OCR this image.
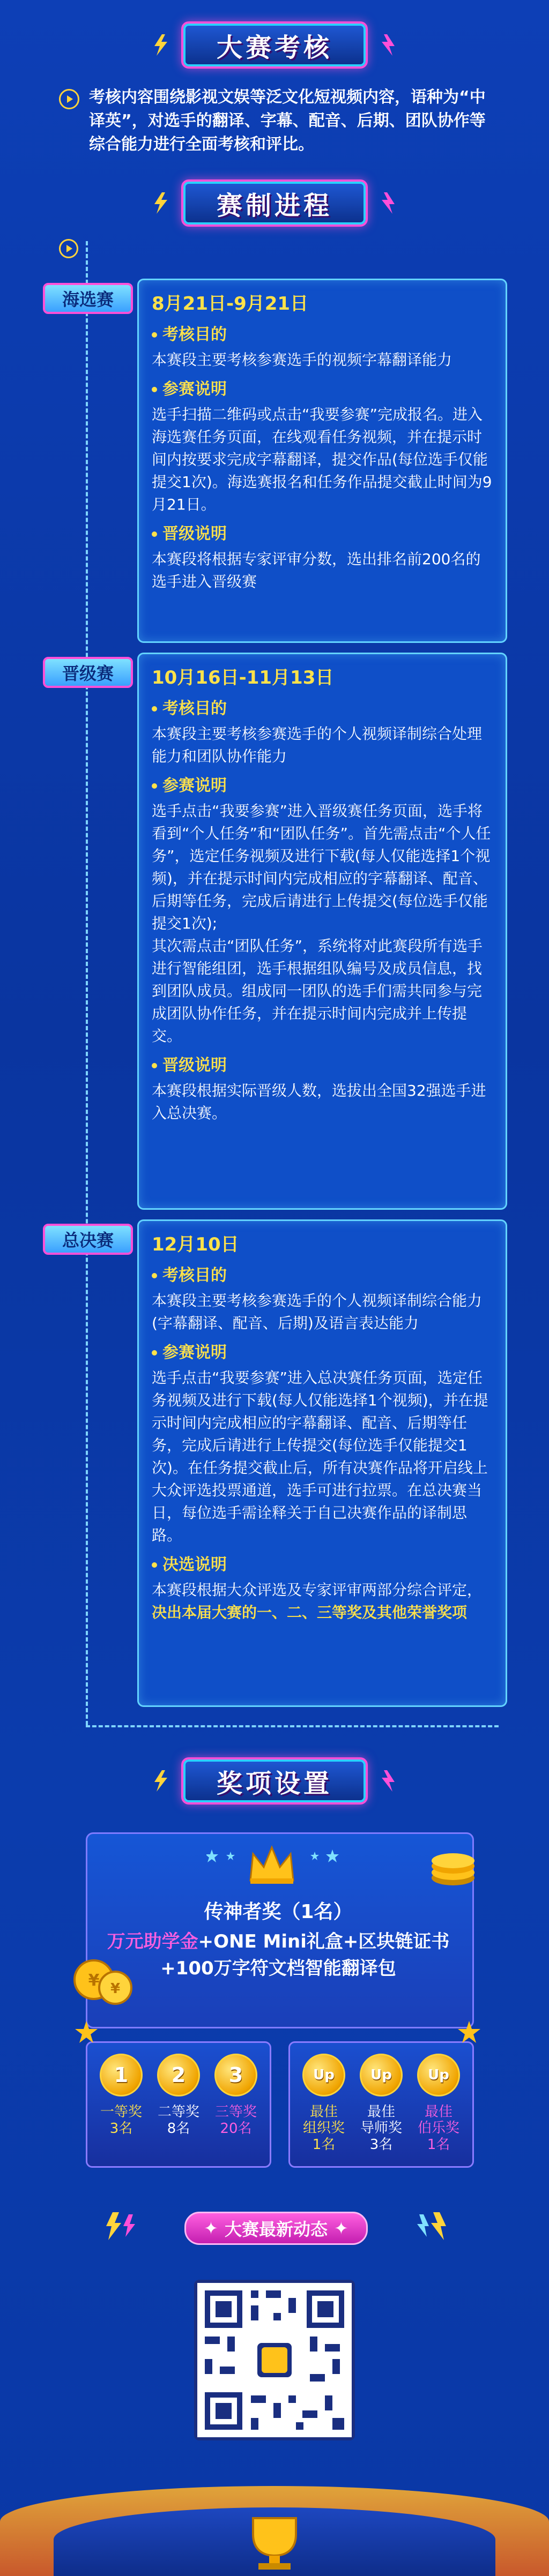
大赛考核
考核内容围绕影视文娱等泛文化短视频内容，语种为“中译英”，对选手的翻译、字幕、配音、后期、团队协作等综合能力进行全面考核和评比。
赛制进程
海选赛	8月21日-9月21日
考核目的
本赛段主要考核参赛选手的视频字幕翻译能力
参赛说明
选手扫描二维码或点击“我要参赛”完成报名。进入海选赛任务页面，在线观看任务视频，并在提示时间内按要求完成字幕翻译，提交作品(每位选手仅能提交1次)。海选赛报名和任务作品提交截止时间为9月21日。
晋级说明
本赛段将根据专家评审分数，选出排名前200名的选手进入晋级赛
晋级赛	10月16日-11月13日
考核目的
本赛段主要考核参赛选手的个人视频译制综合处理能力和团队协作能力
参赛说明
选手点击“我要参赛”进入晋级赛任务页面，选手将看到“个人任务”和“团队任务”。首先需点击“个人任务”，选定任务视频及进行下载(每人仅能选择1个视频)，并在提示时间内完成相应的字幕翻译、配音、后期等任务，完成后请进行上传提交(每位选手仅能提交1次);
其次需点击“团队任务”，系统将对此赛段所有选手进行智能组团，选手根据组队编号及成员信息，找到团队成员。组成同一团队的选手们需共同参与完成团队协作任务，并在提示时间内完成并上传提交。
晋级说明
本赛段根据实际晋级人数，选拔出全国32强选手进入总决赛。
总决赛	12月10日
考核目的
本赛段主要考核参赛选手的个人视频译制综合能力(字幕翻译、配音、后期)及语言表达能力
参赛说明
选手点击“我要参赛”进入总决赛任务页面，选定任务视频及进行下载(每人仅能选择1个视频)，并在提示时间内完成相应的字幕翻译、配音、后期等任务，完成后请进行上传提交(每位选手仅能提交1次)。在任务提交截止后，所有决赛作品将开启线上大众评选投票通道，选手可进行拉票。在总决赛当日，每位选手需诠释关于自己决赛作品的译制思路。
决选说明
本赛段根据大众评选及专家评审两部分综合评定，决出本届大赛的一、二、三等奖及其他荣誉奖项
奖项设置
¥ ¥
传神者奖（1名）
万元助学金+ONE Mini礼盒+区块链证书
+100万字符文档智能翻译包
1
一等奖
3名
2
二等奖
8名
3
三等奖
20名
Up
最佳
组织奖
1名
Up
最佳
导师奖
3名
Up
最佳
伯乐奖
1名
✦ 大赛最新动态 ✦
